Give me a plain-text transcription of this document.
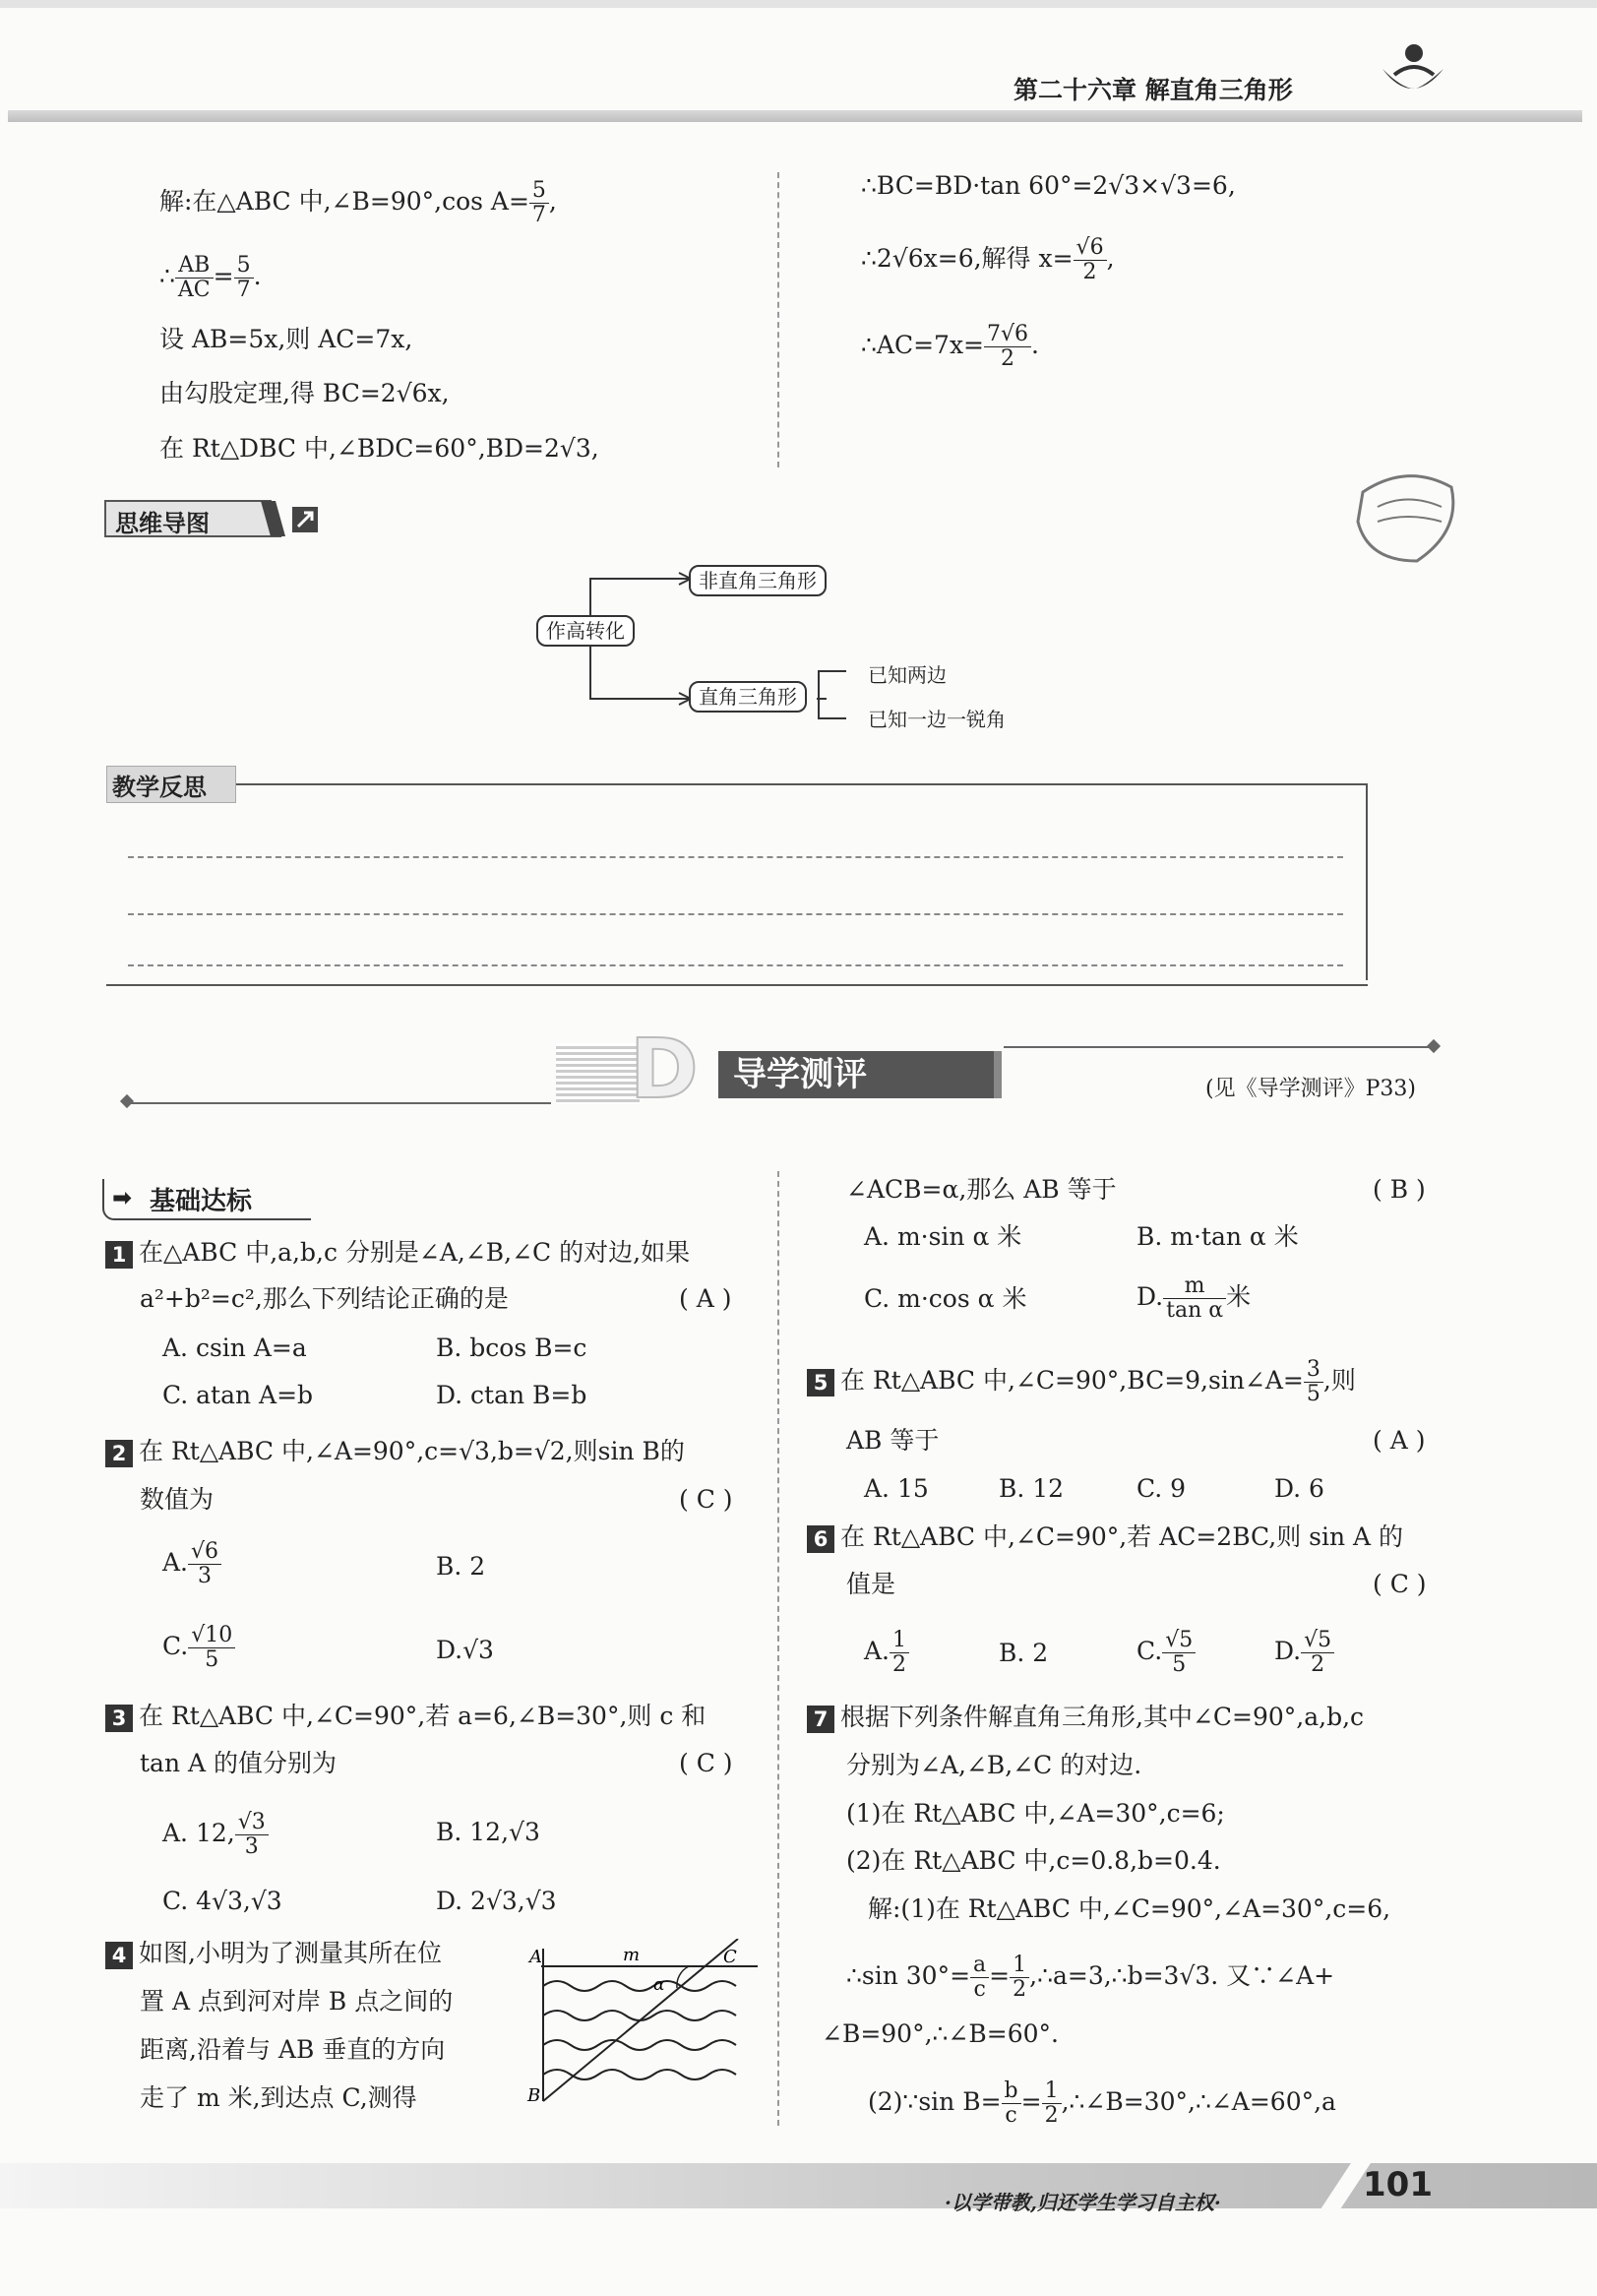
第二十六章 解直角三角形
解:在△ABC 中,∠B=90°,cos $A= \frac{5}{7}$ ,
∴ $\frac{AB}{AC} = \frac{5}{7}$ .
设 AB=5x,则 AC=7x,
由勾股定理,得 BC=2√6x,
在 Rt△DBC 中,∠BDC=60°,BD=2√3,
∴BC=BD·tan 60°=2√3×√3=6,
∴2√6x=6,解得 $x= \frac{√6}{2}$ ,
∴AC=7x= $\frac{7√6}{2}$ .
思维导图
作高转化
非直角三角形
直角三角形
已知两边
已知一边一锐角
教学反思
D 导学测评	(见《导学测评》P33)
➡ 基础达标
1 在△ABC 中,a,b,c 分别是∠A,∠B,∠C 的对边,如果
a²+b²=c²,那么下列结论正确的是	( A )
A. csin A=a	B. bcos B=c
C. atan A=b	D. ctan B=b
2 在 Rt△ABC 中,∠A=90°,c=√3,b=√2,则sin B的
数值为	( C )
A. $\frac{√6}{3}$	B. 2
C. $\frac{√10}{5}$	D.√3
3 在 Rt△ABC 中,∠C=90°,若 a=6,∠B=30°,则 c 和
tan A 的值分别为	( C )
A. 12, $\frac{√3}{3}$	B. 12,√3
C. 4√3,√3	D. 2√3,√3
4 如图,小明为了测量其所在位
置 A 点到河对岸 B 点之间的
距离,沿着与 AB 垂直的方向
走了 m 米,到达点 C,测得
A	m	C
α
B
∠ACB=α,那么 AB 等于	( B )
A. m·sin α 米	B. m·tan α 米
C. m·cos α 米	D. $\frac{m}{\text{tan α}}$ 米
5 在 Rt△ABC 中,∠C=90°,BC=9,sin∠A= $\frac{3}{5}$ ,则
AB 等于	( A )
A. 15	B. 12	C. 9	D. 6
6 在 Rt△ABC 中,∠C=90°,若 AC=2BC,则 sin A 的
值是	( C )
A. $\frac{1}{2}$	B. 2	C. $\frac{√5}{5}$	D. $\frac{√5}{2}$
7 根据下列条件解直角三角形,其中∠C=90°,a,b,c
分别为∠A,∠B,∠C 的对边.
(1)在 Rt△ABC 中,∠A=30°,c=6;
(2)在 Rt△ABC 中,c=0.8,b=0.4.
解:(1)在 Rt△ABC 中,∠C=90°,∠A=30°,c=6,
∴sin $30^\circ= \frac{a}{c} = \frac{1}{2}$ ,∴a=3,∴b=3√3. 又∵∠A+
∠B=90°,∴∠B=60°.
(2)∵sin $B= \frac{b}{c} = \frac{1}{2}$ ,∴∠B=30°,∴∠A=60°,a
·以学带教,归还学生学习自主权·	101
